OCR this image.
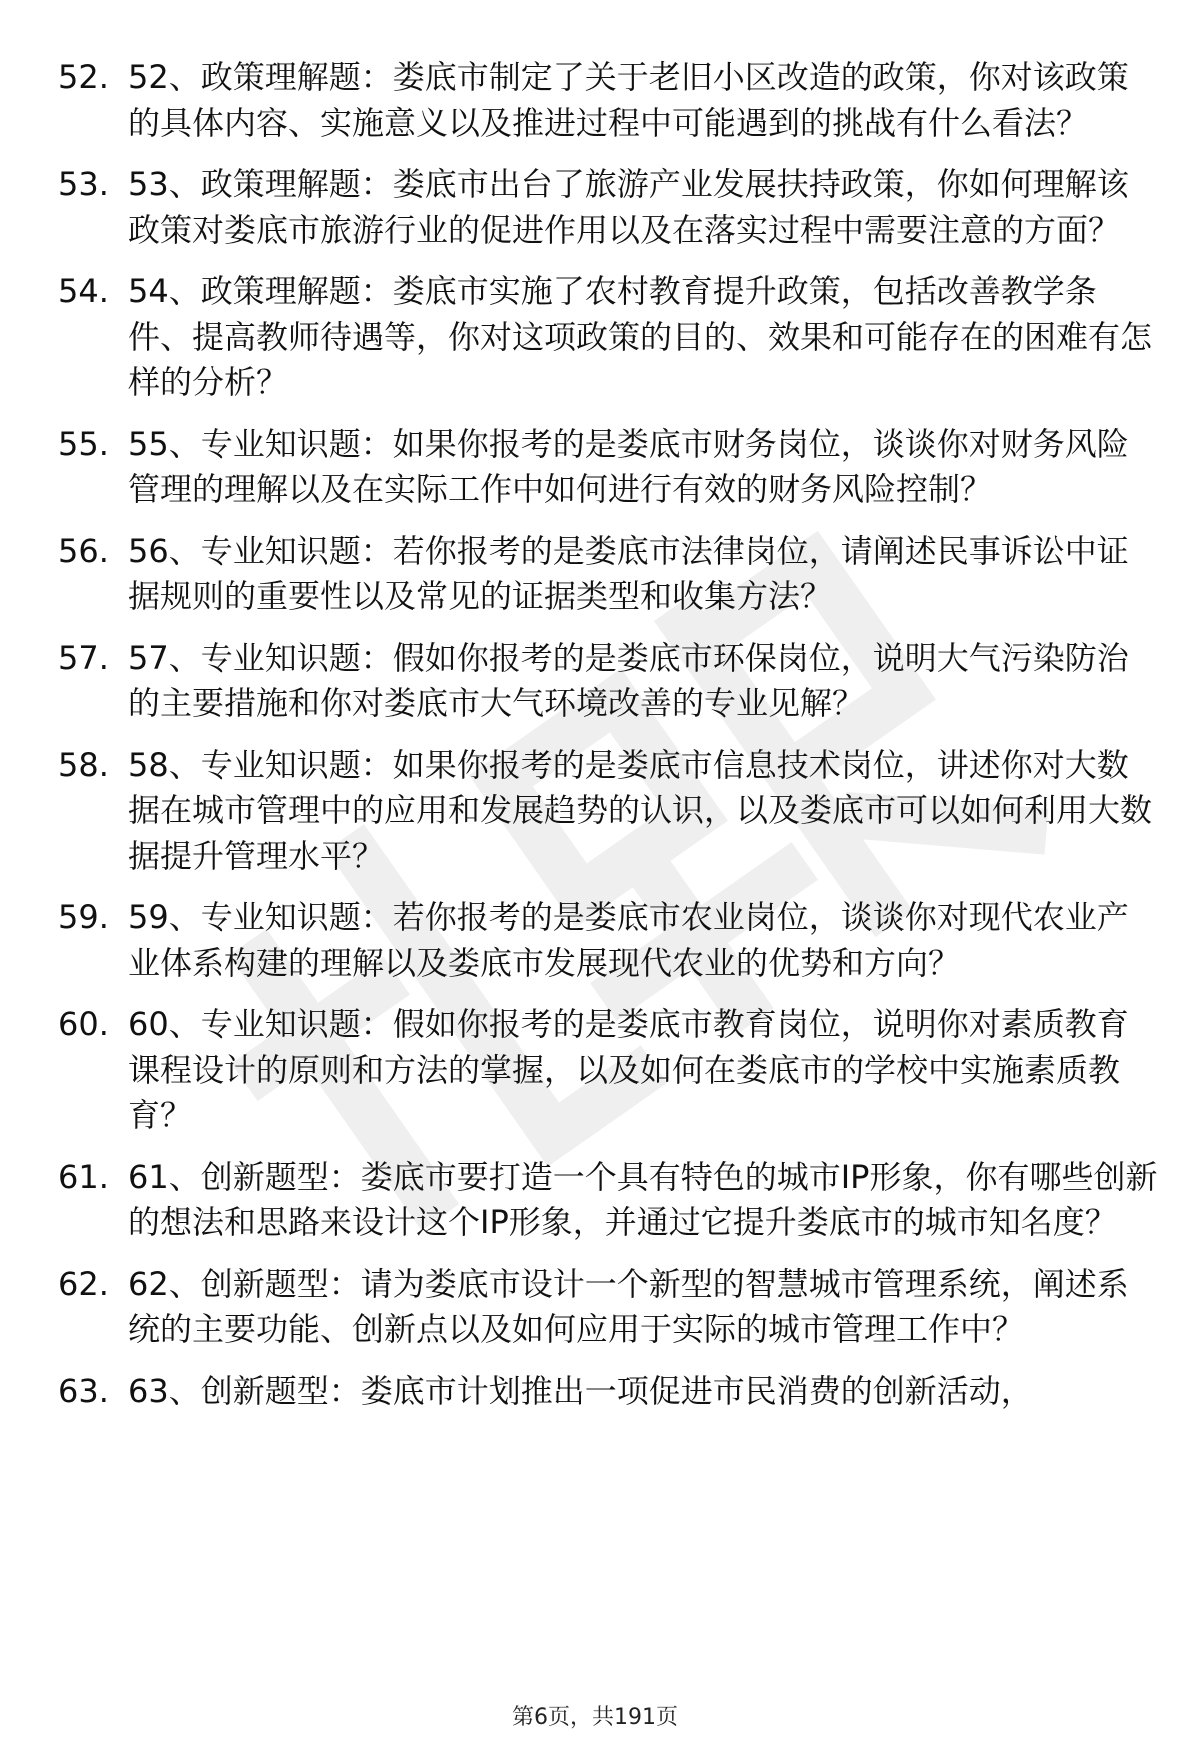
52. 52、政策理解题：娄底市制定了关于老旧小区改造的政策，你对该政策的具体内容、实施意义以及推进过程中可能遇到的挑战有什么看法？
53. 53、政策理解题：娄底市出台了旅游产业发展扶持政策，你如何理解该政策对娄底市旅游行业的促进作用以及在落实过程中需要注意的方面？
54. 54、政策理解题：娄底市实施了农村教育提升政策，包括改善教学条件、提高教师待遇等，你对这项政策的目的、效果和可能存在的困难有怎样的分析？
55. 55、专业知识题：如果你报考的是娄底市财务岗位，谈谈你对财务风险管理的理解以及在实际工作中如何进行有效的财务风险控制？
56. 56、专业知识题：若你报考的是娄底市法律岗位，请阐述民事诉讼中证据规则的重要性以及常见的证据类型和收集方法？
57. 57、专业知识题：假如你报考的是娄底市环保岗位，说明大气污染防治的主要措施和你对娄底市大气环境改善的专业见解？
58. 58、专业知识题：如果你报考的是娄底市信息技术岗位，讲述你对大数据在城市管理中的应用和发展趋势的认识，以及娄底市可以如何利用大数据提升管理水平？
59. 59、专业知识题：若你报考的是娄底市农业岗位，谈谈你对现代农业产业体系构建的理解以及娄底市发展现代农业的优势和方向？
60. 60、专业知识题：假如你报考的是娄底市教育岗位，说明你对素质教育课程设计的原则和方法的掌握，以及如何在娄底市的学校中实施素质教育？
61. 61、创新题型：娄底市要打造一个具有特色的城市IP形象，你有哪些创新的想法和思路来设计这个IP形象，并通过它提升娄底市的城市知名度？
62. 62、创新题型：请为娄底市设计一个新型的智慧城市管理系统，阐述系统的主要功能、创新点以及如何应用于实际的城市管理工作中？
63. 63、创新题型：娄底市计划推出一项促进市民消费的创新活动，
第6页，共191页
